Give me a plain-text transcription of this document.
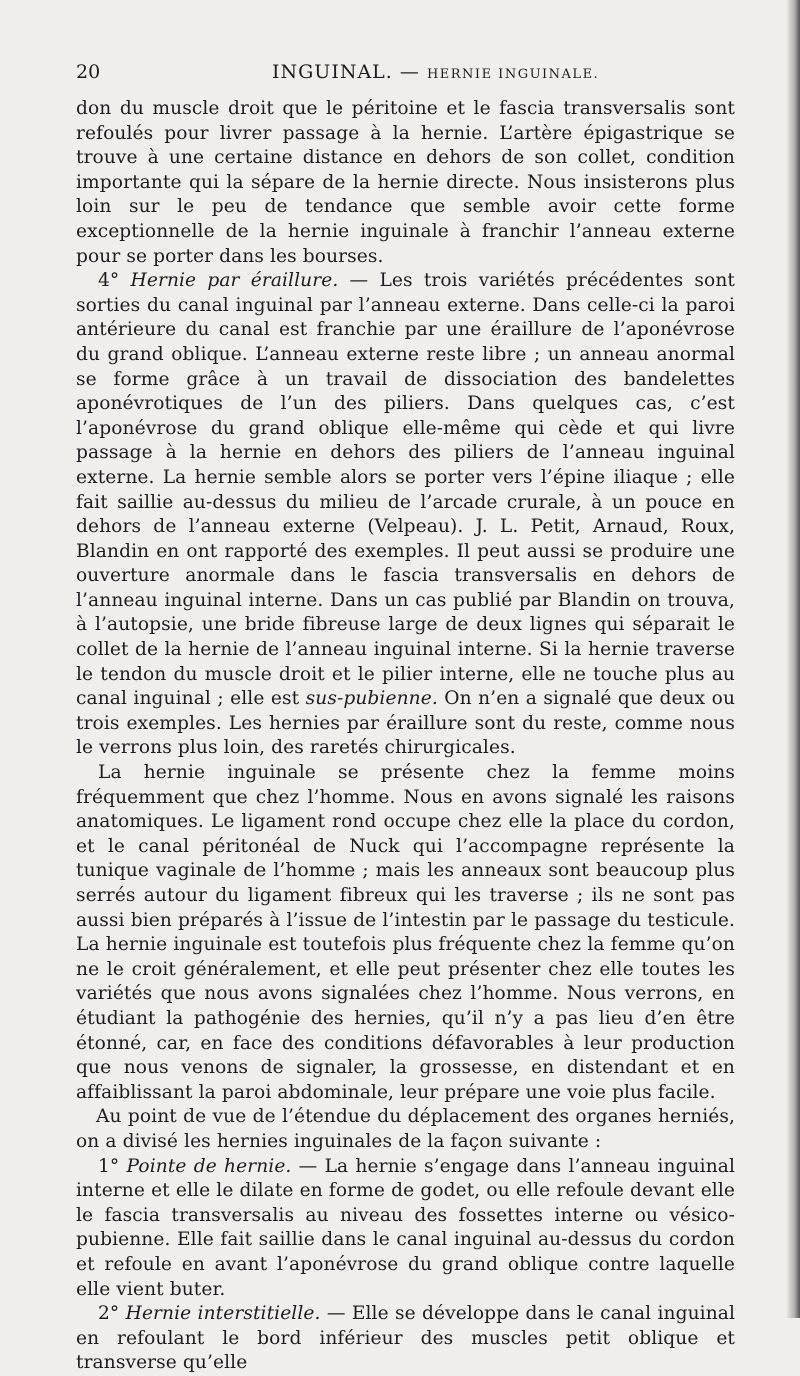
20	INGUINAL. — HERNIE INGUINALE.

don du muscle droit que le péritoine et le fascia transversalis sont refoulés pour livrer passage à la hernie. L’artère épigastrique se trouve à une certaine distance en dehors de son collet, condition importante qui la sépare de la hernie directe. Nous insisterons plus loin sur le peu de tendance que semble avoir cette forme exceptionnelle de la hernie inguinale à franchir l’anneau externe pour se porter dans les bourses.

4° Hernie par éraillure. — Les trois variétés précédentes sont sorties du canal inguinal par l’anneau externe. Dans celle-ci la paroi antérieure du canal est franchie par une éraillure de l’aponévrose du grand oblique. L’anneau externe reste libre ; un anneau anormal se forme grâce à un travail de dissociation des bandelettes aponévrotiques de l’un des piliers. Dans quelques cas, c’est l’aponévrose du grand oblique elle-même qui cède et qui livre passage à la hernie en dehors des piliers de l’anneau inguinal externe. La hernie semble alors se porter vers l’épine iliaque ; elle fait saillie au-dessus du milieu de l’arcade crurale, à un pouce en dehors de l’anneau externe (Velpeau). J. L. Petit, Arnaud, Roux, Blandin en ont rapporté des exemples. Il peut aussi se produire une ouverture anormale dans le fascia transversalis en dehors de l’anneau inguinal interne. Dans un cas publié par Blandin on trouva, à l’autopsie, une bride fibreuse large de deux lignes qui séparait le collet de la hernie de l’anneau inguinal interne. Si la hernie traverse le tendon du muscle droit et le pilier interne, elle ne touche plus au canal inguinal ; elle est sus-pubienne. On n’en a signalé que deux ou trois exemples. Les hernies par éraillure sont du reste, comme nous le verrons plus loin, des raretés chirurgicales.

La hernie inguinale se présente chez la femme moins fréquemment que chez l’homme. Nous en avons signalé les raisons anatomiques. Le ligament rond occupe chez elle la place du cordon, et le canal péritonéal de Nuck qui l’accompagne représente la tunique vaginale de l’homme ; mais les anneaux sont beaucoup plus serrés autour du ligament fibreux qui les traverse ; ils ne sont pas aussi bien préparés à l’issue de l’intestin par le passage du testicule. La hernie inguinale est toutefois plus fréquente chez la femme qu’on ne le croit généralement, et elle peut présenter chez elle toutes les variétés que nous avons signalées chez l’homme. Nous verrons, en étudiant la pathogénie des hernies, qu’il n’y a pas lieu d’en être étonné, car, en face des conditions défavorables à leur production que nous venons de signaler, la grossesse, en distendant et en affaiblissant la paroi abdominale, leur prépare une voie plus facile.

Au point de vue de l’étendue du déplacement des organes herniés, on a divisé les hernies inguinales de la façon suivante :

1° Pointe de hernie. — La hernie s’engage dans l’anneau inguinal interne et elle le dilate en forme de godet, ou elle refoule devant elle le fascia transversalis au niveau des fossettes interne ou vésico-pubienne. Elle fait saillie dans le canal inguinal au-dessus du cordon et refoule en avant l’aponévrose du grand oblique contre laquelle elle vient buter.

2° Hernie interstitielle. — Elle se développe dans le canal inguinal en refoulant le bord inférieur des muscles petit oblique et transverse qu’elle
